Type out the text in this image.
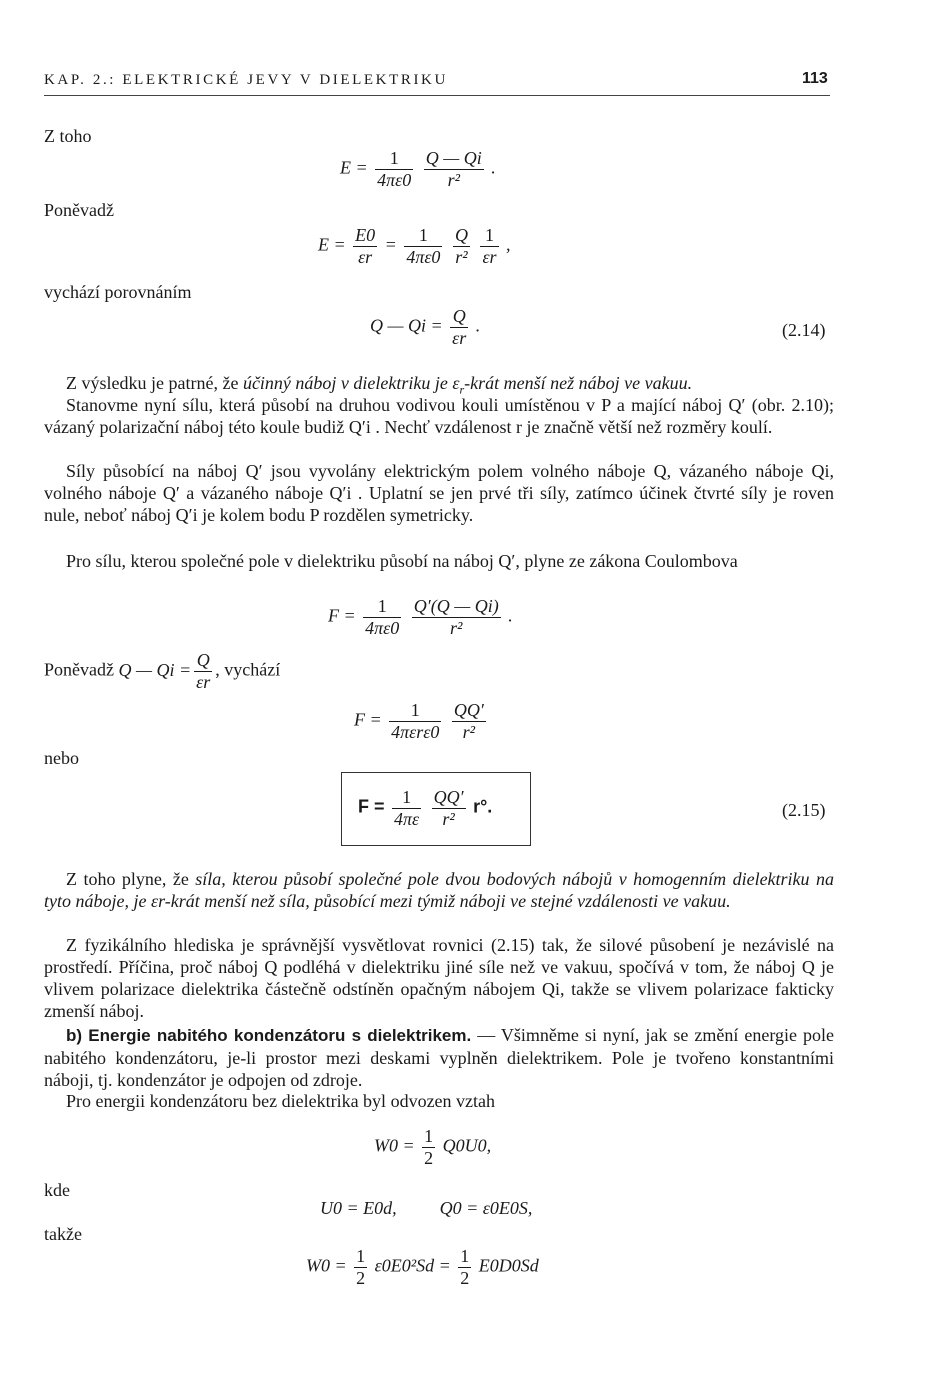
KAP. 2.: ELEKTRICKÉ JEVY V DIELEKTRIKU	113
Z toho
$E = \frac{1}{4\pi\varepsilon 0}$
$\frac{Q — Qi}{\text{r²}}$ .
Poněvadž
$E = \frac{E0}{\varepsilon r} = \frac{1}{4\pi\varepsilon 0}$
$\frac{Q}{\text{r²}}$
$\frac{1}{\varepsilon r}$ ,
vychází porovnáním
Q — $Qi = \frac{Q}{\varepsilon r}$ .	(2.14)

Z výsledku je patrné, že účinný náboj v dielektriku je $\varepsilon_r$-krát menší než náboj ve vakuu.

Stanovme nyní sílu, která působí na druhou vodivou kouli umístěnou v P a mající náboj Q′ (obr. 2.10); vázaný polarizační náboj této koule budiž Q′i . Nechť vzdálenost r je značně větší než rozměry koulí.

Síly působící na náboj Q′ jsou vyvolány elektrickým polem volného náboje Q, vázaného náboje Qi, volného náboje Q′ a vázaného náboje Q′i . Uplatní se jen prvé tři síly, zatímco účinek čtvrté síly je roven nule, neboť náboj Q′i je kolem bodu P rozdělen symetricky.

Pro sílu, kterou společné pole v dielektriku působí na náboj Q′, plyne ze zákona Coulombova

$F = \frac{1}{4\pi\varepsilon 0}$
$\frac{Q'(Q — Qi)}{\text{r²}}$ .
Poněvadž Q — $Qi = \frac{Q}{\varepsilon r}$ , vychází
$F = \frac{1}{\text{4πεrε0}}$
$\frac{QQ'}{\text{r²}}$
nebo
$F = \frac{1}{4\pi\varepsilon}$
$\frac{QQ'}{\text{r²}} r^\circ$.	(2.15)

Z toho plyne, že síla, kterou působí společné pole dvou bodových nábojů v homogenním dielektriku na tyto náboje, je εr-krát menší než síla, působící mezi týmiž náboji ve stejné vzdálenosti ve vakuu.

Z fyzikálního hlediska je správnější vysvětlovat rovnici (2.15) tak, že silové působení je nezávislé na prostředí. Příčina, proč náboj Q podléhá v dielektriku jiné síle než ve vakuu, spočívá v tom, že náboj Q je vlivem polarizace dielektrika částečně odstíněn opačným nábojem Qi, takže se vlivem polarizace fakticky zmenší náboj.

b) Energie nabitého kondenzátoru s dielektrikem. — Všimněme si nyní, jak se změní energie pole nabitého kondenzátoru, je-li prostor mezi deskami vyplněn dielektrikem. Pole je tvořeno konstantními náboji, tj. kondenzátor je odpojen od zdroje.

Pro energii kondenzátoru bez dielektrika byl odvozen vztah

$W0 = \frac{1}{2} Q0U0$,
kde
U0 = E0d, Q0 = ε0E0S,
takže
$W0 = \frac{1}{2} \varepsilon 0E0^2Sd = \frac{1}{2} E0D0Sd$
